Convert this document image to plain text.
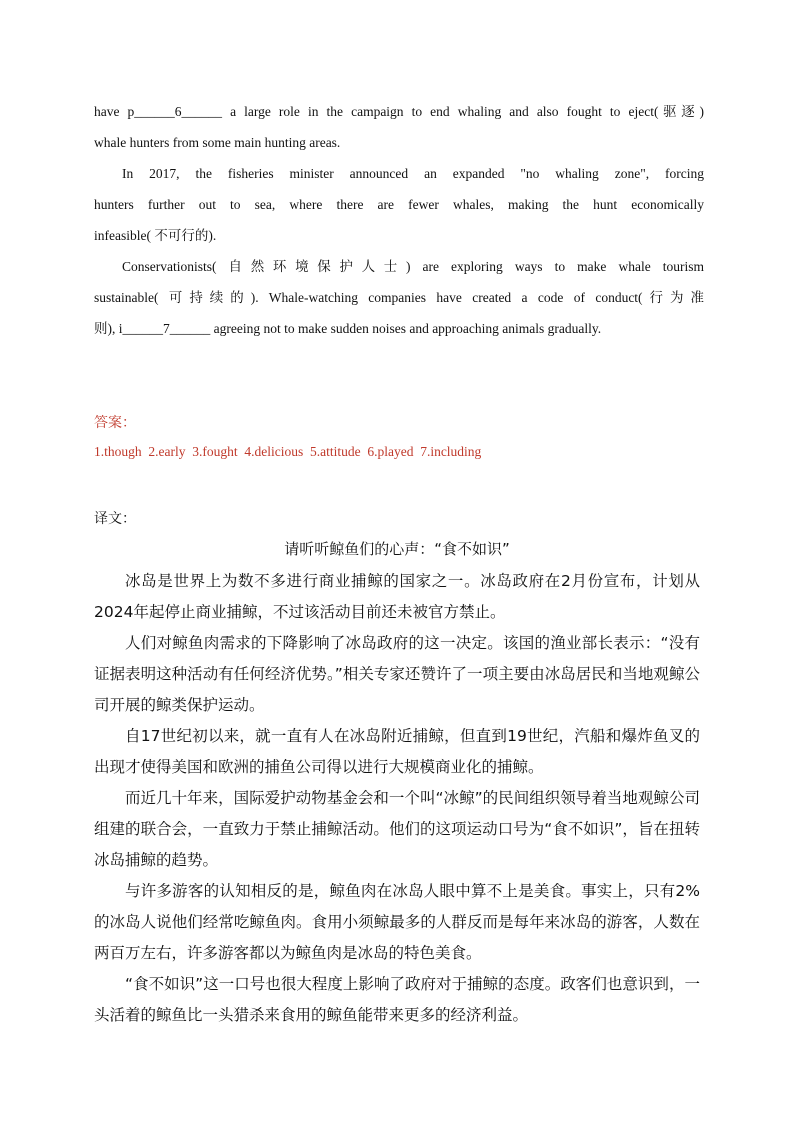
have p______6______ a large role in the campaign to end whaling and also fought to eject(驱逐)
whale hunters from some main hunting areas.
In 2017, the fisheries minister announced an expanded "no whaling zone", forcing
hunters further out to sea, where there are fewer whales, making the hunt economically
infeasible( 不可行的).
Conservationists( 自然环境保护人士) are exploring ways to make whale tourism
sustainable( 可持续的). Whale-watching companies have created a code of conduct(行为准
则), i______7______ agreeing not to make sudden noises and approaching animals gradually.
答案：
1.though  2.early  3.fought  4.delicious  5.attitude  6.played  7.including
译文：
请听听鲸鱼们的心声：“食不如识”

冰岛是世界上为数不多进行商业捕鲸的国家之一。冰岛政府在2月份宣布，计划从2024年起停止商业捕鲸，不过该活动目前还未被官方禁止。

人们对鲸鱼肉需求的下降影响了冰岛政府的这一决定。该国的渔业部长表示：“没有证据表明这种活动有任何经济优势。”相关专家还赞许了一项主要由冰岛居民和当地观鲸公司开展的鲸类保护运动。

自17世纪初以来，就一直有人在冰岛附近捕鲸，但直到19世纪，汽船和爆炸鱼叉的出现才使得美国和欧洲的捕鱼公司得以进行大规模商业化的捕鲸。

而近几十年来，国际爱护动物基金会和一个叫“冰鲸”的民间组织领导着当地观鲸公司组建的联合会，一直致力于禁止捕鲸活动。他们的这项运动口号为“食不如识”，旨在扭转冰岛捕鲸的趋势。

与许多游客的认知相反的是，鲸鱼肉在冰岛人眼中算不上是美食。事实上，只有2%的冰岛人说他们经常吃鲸鱼肉。食用小须鲸最多的人群反而是每年来冰岛的游客，人数在两百万左右，许多游客都以为鲸鱼肉是冰岛的特色美食。

“食不如识”这一口号也很大程度上影响了政府对于捕鲸的态度。政客们也意识到，一头活着的鲸鱼比一头猎杀来食用的鲸鱼能带来更多的经济利益。
